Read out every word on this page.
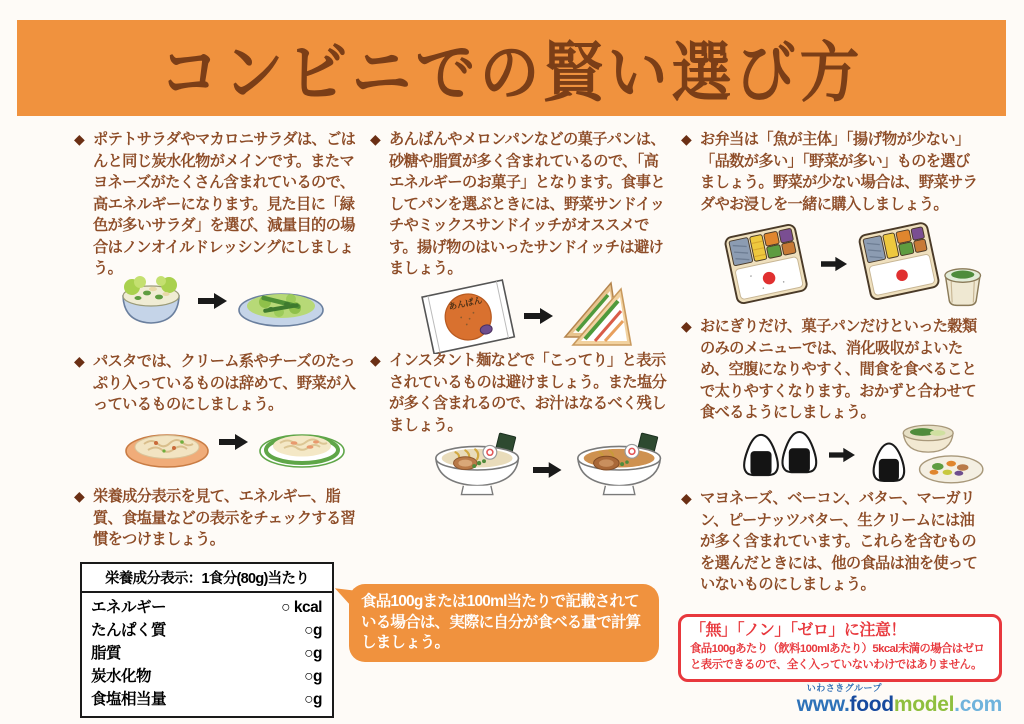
コンビニでの賢い選び方
◆ ポテトサラダやマカロニサラダは、ごはんと同じ炭水化物がメインです。またマヨネーズがたくさん含まれているので、高エネルギーになります。見た目に「緑色が多いサラダ」を選び、減量目的の場合はノンオイルドレッシングにしましょう。
◆ パスタでは、クリーム系やチーズのたっぷり入っているものは辞めて、野菜が入っているものにしましょう。
◆ 栄養成分表示を見て、エネルギー、脂質、食塩量などの表示をチェックする習慣をつけましょう。
栄養成分表示：1食分(80g)当たり
エネルギー	○ kcal
たんぱく質	○g
脂質	○g
炭水化物	○g
食塩相当量	○g
◆ あんぱんやメロンパンなどの菓子パンは、砂糖や脂質が多く含まれているので、「高エネルギーのお菓子」となります。食事としてパンを選ぶときには、野菜サンドイッチやミックスサンドイッチがオススメです。揚げ物のはいったサンドイッチは避けましょう。
あんぱん
◆ インスタント麺などで「こってり」と表示されているものは避けましょう。また塩分が多く含まれるので、お汁はなるべく残しましょう。
食品100gまたは100ml当たりで記載されている場合は、実際に自分が食べる量で計算しましょう。
◆ お弁当は「魚が主体」「揚げ物が少ない」「品数が多い」「野菜が多い」ものを選びましょう。野菜が少ない場合は、野菜サラダやお浸しを一緒に購入しましょう。
◆ おにぎりだけ、菓子パンだけといった穀類のみのメニューでは、消化吸収がよいため、空腹になりやすく、間食を食べることで太りやすくなります。おかずと合わせて食べるようにしましょう。
◆ マヨネーズ、ベーコン、バター、マーガリン、ピーナッツバター、生クリームには油が多く含まれています。これらを含むものを選んだときには、他の食品は油を使っていないものにしましょう。
「無」「ノン」「ゼロ」に注意！
食品100gあたり（飲料100mlあたり）5kcal未満の場合はゼロと表示できるので、全く入っていないわけではありません。
いわさきグループ
www.foodmodel.com
